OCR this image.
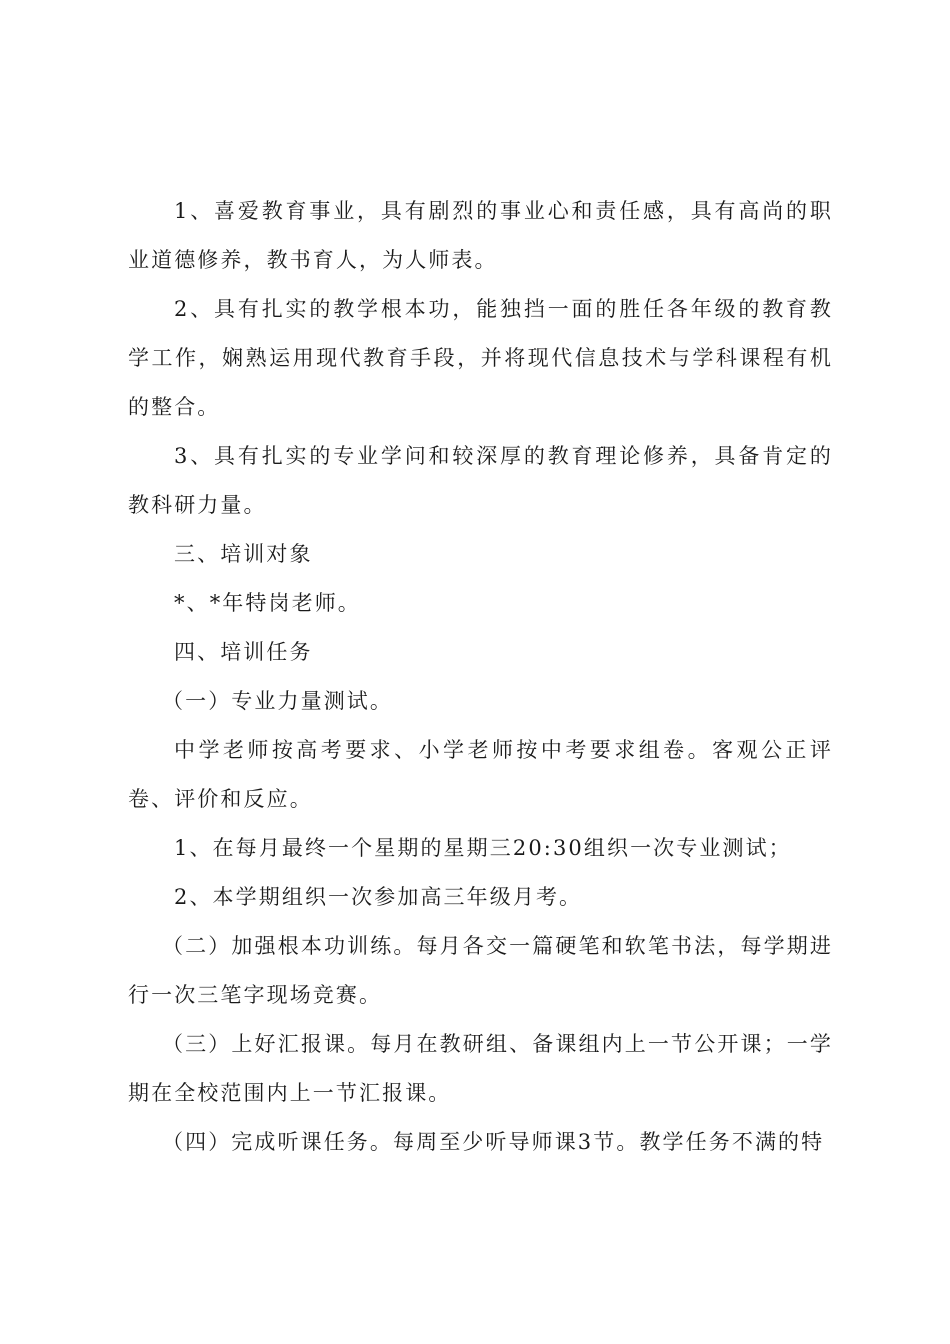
1、喜爱教育事业，具有剧烈的事业心和责任感，具有高尚的职业道德修养，教书育人，为人师表。

2、具有扎实的教学根本功，能独挡一面的胜任各年级的教育教学工作，娴熟运用现代教育手段，并将现代信息技术与学科课程有机的整合。

3、具有扎实的专业学问和较深厚的教育理论修养，具备肯定的教科研力量。

三、培训对象

*、*年特岗老师。

四、培训任务

（一）专业力量测试。

中学老师按高考要求、小学老师按中考要求组卷。客观公正评卷、评价和反应。

1、在每月最终一个星期的星期三20:30组织一次专业测试；

2、本学期组织一次参加高三年级月考。

（二）加强根本功训练。每月各交一篇硬笔和软笔书法，每学期进行一次三笔字现场竞赛。

（三）上好汇报课。每月在教研组、备课组内上一节公开课；一学期在全校范围内上一节汇报课。

（四）完成听课任务。每周至少听导师课3节。教学任务不满的特
